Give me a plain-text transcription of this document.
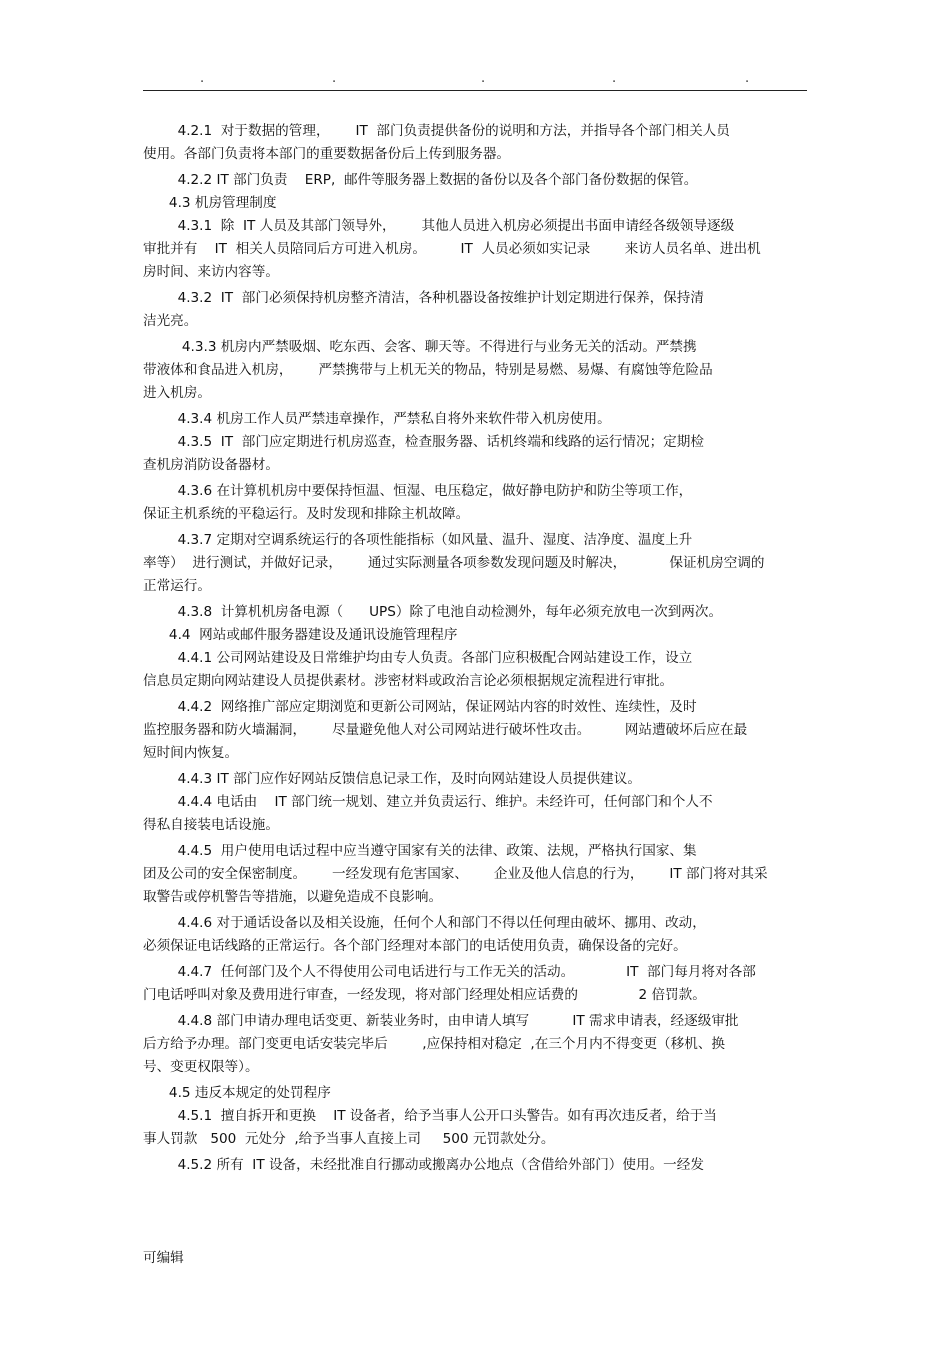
.	.	.	.	.
4.2.1  对于数据的管理，      IT  部门负责提供备份的说明和方法，并指导各个部门相关人员
使用。各部门负责将本部门的重要数据备份后上传到服务器。
4.2.2 IT 部门负责    ERP,  邮件等服务器上数据的备份以及各个部门备份数据的保管。
4.3 机房管理制度
4.3.1  除  IT 人员及其部门领导外，      其他人员进入机房必须提出书面申请经各级领导逐级
审批并有    IT  相关人员陪同后方可进入机房。        IT  人员必须如实记录        来访人员名单、进出机
房时间、来访内容等。
4.3.2  IT  部门必须保持机房整齐清洁，各种机器设备按维护计划定期进行保养，保持清
洁光亮。
4.3.3 机房内严禁吸烟、吃东西、会客、聊天等。不得进行与业务无关的活动。严禁携
带液体和食品进入机房，      严禁携带与上机无关的物品，特别是易燃、易爆、有腐蚀等危险品
进入机房。
4.3.4 机房工作人员严禁违章操作，严禁私自将外来软件带入机房使用。
4.3.5  IT  部门应定期进行机房巡查，检查服务器、话机终端和线路的运行情况；定期检
查机房消防设备器材。
4.3.6 在计算机机房中要保持恒温、恒湿、电压稳定，做好静电防护和防尘等项工作，
保证主机系统的平稳运行。及时发现和排除主机故障。
4.3.7 定期对空调系统运行的各项性能指标（如风量、温升、湿度、洁净度、温度上升
率等）  进行测试，并做好记录，      通过实际测量各项参数发现问题及时解决，          保证机房空调的
正常运行。
4.3.8  计算机机房备电源（      UPS）除了电池自动检测外，每年必须充放电一次到两次。
4.4  网站或邮件服务器建设及通讯设施管理程序
4.4.1 公司网站建设及日常维护均由专人负责。各部门应积极配合网站建设工作，设立
信息员定期向网站建设人员提供素材。涉密材料或政治言论必须根据规定流程进行审批。
4.4.2  网络推广部应定期浏览和更新公司网站，保证网站内容的时效性、连续性，及时
监控服务器和防火墙漏洞，      尽量避免他人对公司网站进行破坏性攻击。        网站遭破坏后应在最
短时间内恢复。
4.4.3 IT 部门应作好网站反馈信息记录工作，及时向网站建设人员提供建议。
4.4.4 电话由    IT 部门统一规划、建立并负责运行、维护。未经许可，任何部门和个人不
得私自接装电话设施。
4.4.5  用户使用电话过程中应当遵守国家有关的法律、政策、法规，严格执行国家、集
团及公司的安全保密制度。      一经发现有危害国家、      企业及他人信息的行为，      IT 部门将对其采
取警告或停机警告等措施，以避免造成不良影响。
4.4.6 对于通话设备以及相关设施，任何个人和部门不得以任何理由破坏、挪用、改动，
必须保证电话线路的正常运行。各个部门经理对本部门的电话使用负责，确保设备的完好。
4.4.7  任何部门及个人不得使用公司电话进行与工作无关的活动。            IT  部门每月将对各部
门电话呼叫对象及费用进行审查，一经发现，将对部门经理处相应话费的              2 倍罚款。
4.4.8 部门申请办理电话变更、新装业务时，由申请人填写          IT 需求申请表，经逐级审批
后方给予办理。部门变更电话安装完毕后        ,应保持相对稳定  ,在三个月内不得变更（移机、换
号、变更权限等）。
4.5 违反本规定的处罚程序
4.5.1  擅自拆开和更换    IT 设备者，给予当事人公开口头警告。如有再次违反者，给于当
事人罚款   500  元处分  ,给予当事人直接上司     500 元罚款处分。
4.5.2 所有  IT 设备，未经批准自行挪动或搬离办公地点（含借给外部门）使用。一经发
可编辑
